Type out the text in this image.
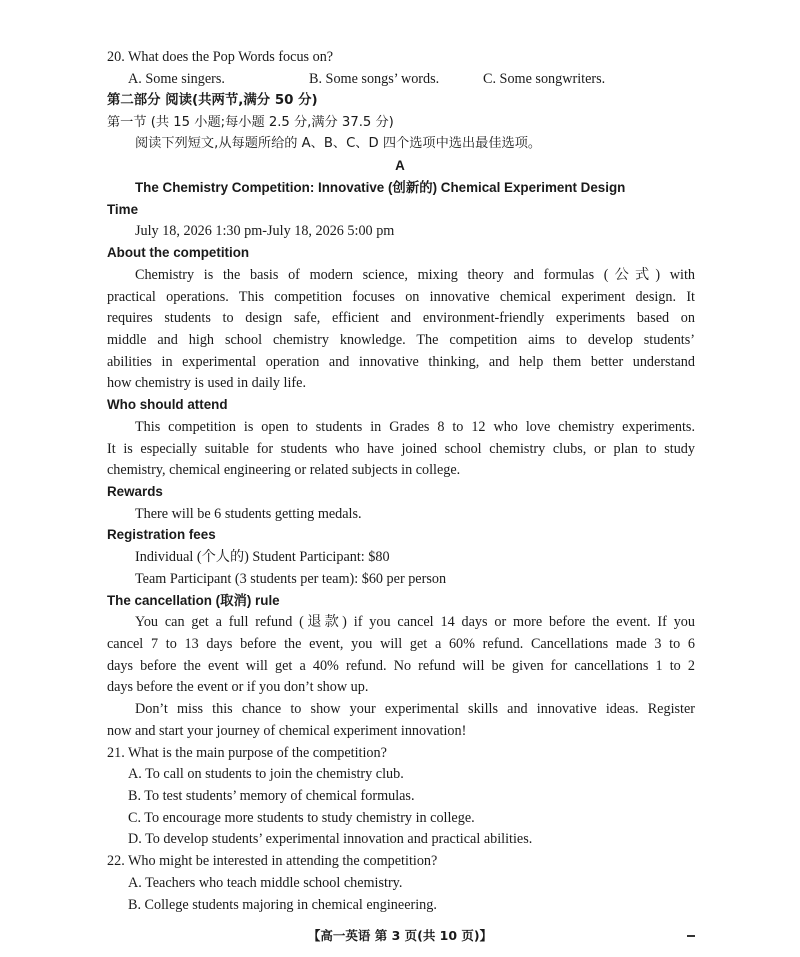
20. What does the Pop Words focus on?
A. Some singers.	B. Some songs’ words.	C. Some songwriters.
第二部分 阅读(共两节,满分 50 分)
第一节 (共 15 小题;每小题 2.5 分,满分 37.5 分)
阅读下列短文,从每题所给的 A、B、C、D 四个选项中选出最佳选项。
A
The Chemistry Competition: Innovative (创新的) Chemical Experiment Design
Time
July 18, 2026 1:30 pm-July 18, 2026 5:00 pm
About the competition
Chemistry is the basis of modern science, mixing theory and formulas (公式) with
practical operations. This competition focuses on innovative chemical experiment design. It
requires students to design safe, efficient and environment-friendly experiments based on
middle and high school chemistry knowledge. The competition aims to develop students’
abilities in experimental operation and innovative thinking, and help them better understand
how chemistry is used in daily life.
Who should attend
This competition is open to students in Grades 8 to 12 who love chemistry experiments.
It is especially suitable for students who have joined school chemistry clubs, or plan to study
chemistry, chemical engineering or related subjects in college.
Rewards
There will be 6 students getting medals.
Registration fees
Individual (个人的) Student Participant: $80
Team Participant (3 students per team): $60 per person
The cancellation (取消) rule
You can get a full refund (退款) if you cancel 14 days or more before the event. If you
cancel 7 to 13 days before the event, you will get a 60% refund. Cancellations made 3 to 6
days before the event will get a 40% refund. No refund will be given for cancellations 1 to 2
days before the event or if you don’t show up.
Don’t miss this chance to show your experimental skills and innovative ideas. Register
now and start your journey of chemical experiment innovation!
21. What is the main purpose of the competition?
A. To call on students to join the chemistry club.
B. To test students’ memory of chemical formulas.
C. To encourage more students to study chemistry in college.
D. To develop students’ experimental innovation and practical abilities.
22. Who might be interested in attending the competition?
A. Teachers who teach middle school chemistry.
B. College students majoring in chemical engineering.
【高一英语 第 3 页(共 10 页)】
